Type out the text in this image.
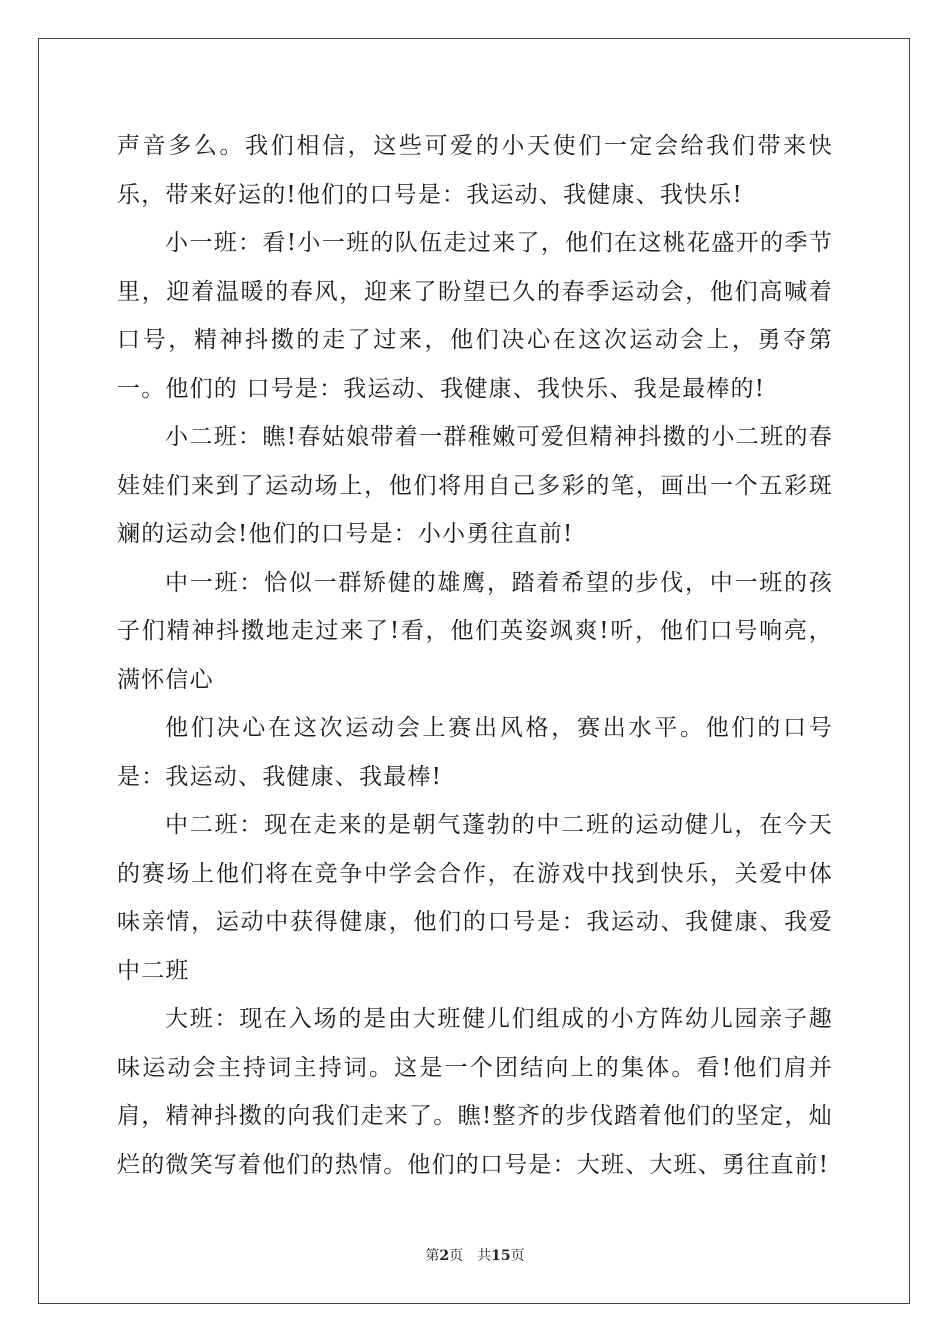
声音多么。我们相信，这些可爱的小天使们一定会给我们带来快乐，带来好运的!他们的口号是：我运动、我健康、我快乐!

小一班：看!小一班的队伍走过来了，他们在这桃花盛开的季节里，迎着温暖的春风，迎来了盼望已久的春季运动会，他们高喊着口号，精神抖擞的走了过来，他们决心在这次运动会上，勇夺第一。他们的 口号是：我运动、我健康、我快乐、我是最棒的!

小二班：瞧!春姑娘带着一群稚嫩可爱但精神抖擞的小二班的春娃娃们来到了运动场上，他们将用自己多彩的笔，画出一个五彩斑斓的运动会!他们的口号是：小小勇往直前!

中一班：恰似一群矫健的雄鹰，踏着希望的步伐，中一班的孩子们精神抖擞地走过来了!看，他们英姿飒爽!听，他们口号响亮，满怀信心

他们决心在这次运动会上赛出风格，赛出水平。他们的口号是：我运动、我健康、我最棒!

中二班：现在走来的是朝气蓬勃的中二班的运动健儿，在今天的赛场上他们将在竞争中学会合作，在游戏中找到快乐，关爱中体味亲情，运动中获得健康，他们的口号是：我运动、我健康、我爱中二班

大班：现在入场的是由大班健儿们组成的小方阵幼儿园亲子趣味运动会主持词主持词。这是一个团结向上的集体。看!他们肩并肩，精神抖擞的向我们走来了。瞧!整齐的步伐踏着他们的坚定，灿烂的微笑写着他们的热情。他们的口号是：大班、大班、勇往直前!

第2页 共15页
